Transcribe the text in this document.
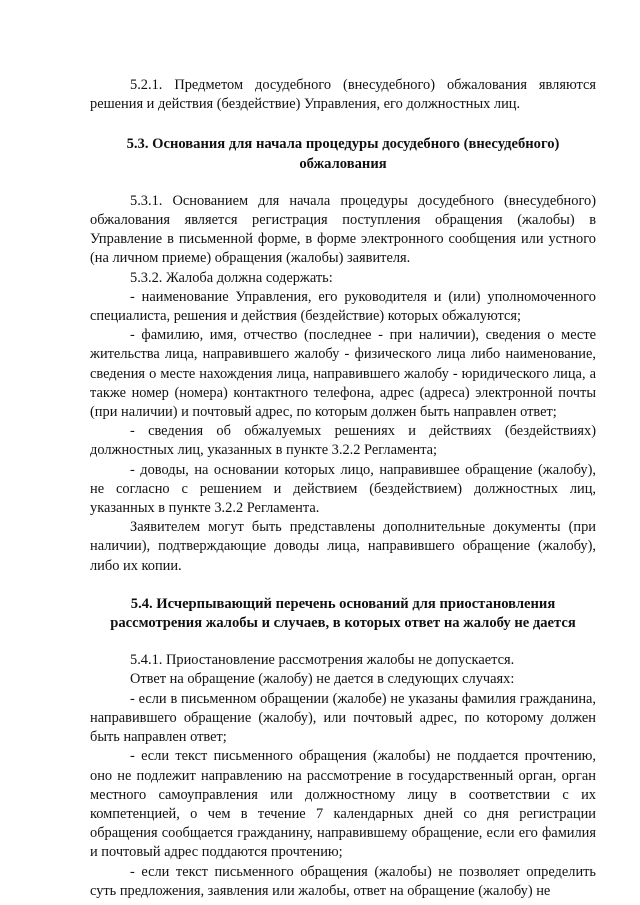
5.2.1. Предметом досудебного (внесудебного) обжалования являются решения и действия (бездействие) Управления, его должностных лиц.

5.3. Основания для начала процедуры досудебного (внесудебного) обжалования

5.3.1. Основанием для начала процедуры досудебного (внесудебного) обжалования является регистрация поступления обращения (жалобы) в Управление в письменной форме, в форме электронного сообщения или устного (на личном приеме) обращения (жалобы) заявителя.

5.3.2. Жалоба должна содержать:

- наименование Управления, его руководителя и (или) уполномоченного специалиста, решения и действия (бездействие) которых обжалуются;

- фамилию, имя, отчество (последнее - при наличии), сведения о месте жительства лица, направившего жалобу - физического лица либо наименование, сведения о месте нахождения лица, направившего жалобу - юридического лица, а также номер (номера) контактного телефона, адрес (адреса) электронной почты (при наличии) и почтовый адрес, по которым должен быть направлен ответ;

- сведения об обжалуемых решениях и действиях (бездействиях) должностных лиц, указанных в пункте 3.2.2 Регламента;

- доводы, на основании которых лицо, направившее обращение (жалобу), не согласно с решением и действием (бездействием) должностных лиц, указанных в пункте 3.2.2 Регламента.

Заявителем могут быть представлены дополнительные документы (при наличии), подтверждающие доводы лица, направившего обращение (жалобу), либо их копии.

5.4. Исчерпывающий перечень оснований для приостановления рассмотрения жалобы и случаев, в которых ответ на жалобу не дается

5.4.1. Приостановление рассмотрения жалобы не допускается.

Ответ на обращение (жалобу) не дается в следующих случаях:

- если в письменном обращении (жалобе) не указаны фамилия гражданина, направившего обращение (жалобу), или почтовый адрес, по которому должен быть направлен ответ;

- если текст письменного обращения (жалобы) не поддается прочтению, оно не подлежит направлению на рассмотрение в государственный орган, орган местного самоуправления или должностному лицу в соответствии с их компетенцией, о чем в течение 7 календарных дней со дня регистрации обращения сообщается гражданину, направившему обращение, если его фамилия и почтовый адрес поддаются прочтению;

- если текст письменного обращения (жалобы) не позволяет определить суть предложения, заявления или жалобы, ответ на обращение (жалобу) не
